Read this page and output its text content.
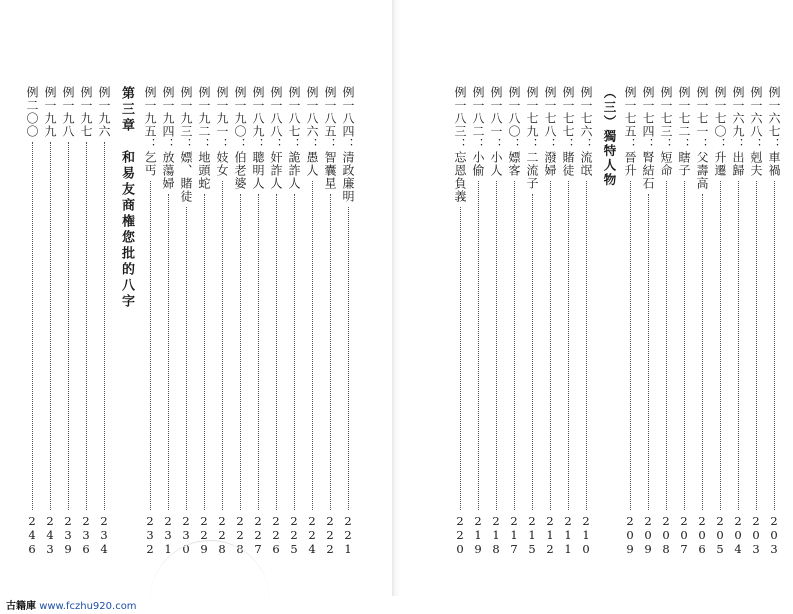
第三章　和易友商権您批的八字	例一八四：清政廉明
221
例一八五：智囊星
222
例一八六：愚人
224
例一八七：詭詐人
225
例一八八：奸詐人
226
例一八九：聰明人
227
例一九〇：伯老婆
228
例一九一：妓女
228
例一九二：地頭蛇
229
例一九三：嫖、賭徒
230
例一九四：放蕩婦
231
例一九五：乞丐
232
例一九六
234
例一九七
236
例一九八
239
例一九九
243
例二〇〇
246
例一六七：車禍
203
例一六八：剋夫
203
例一六九：出歸
204
例一七〇：升遷
205
例一七一：父壽高
206
例一七二：瞎子
207
例一七三：短命
208
例一七四：腎結石
209
例一七五：晉升
209
（三）獨特人物
例一七六：流氓
210
例一七七：賭徒
211
例一七八：潑婦
212
例一七九：二流子
215
例一八〇：嫖客
217
例一八一：小人
218
例一八二：小偷
219
例一八三：忘恩負義
220
古籍庫 www.fczhu920.com
